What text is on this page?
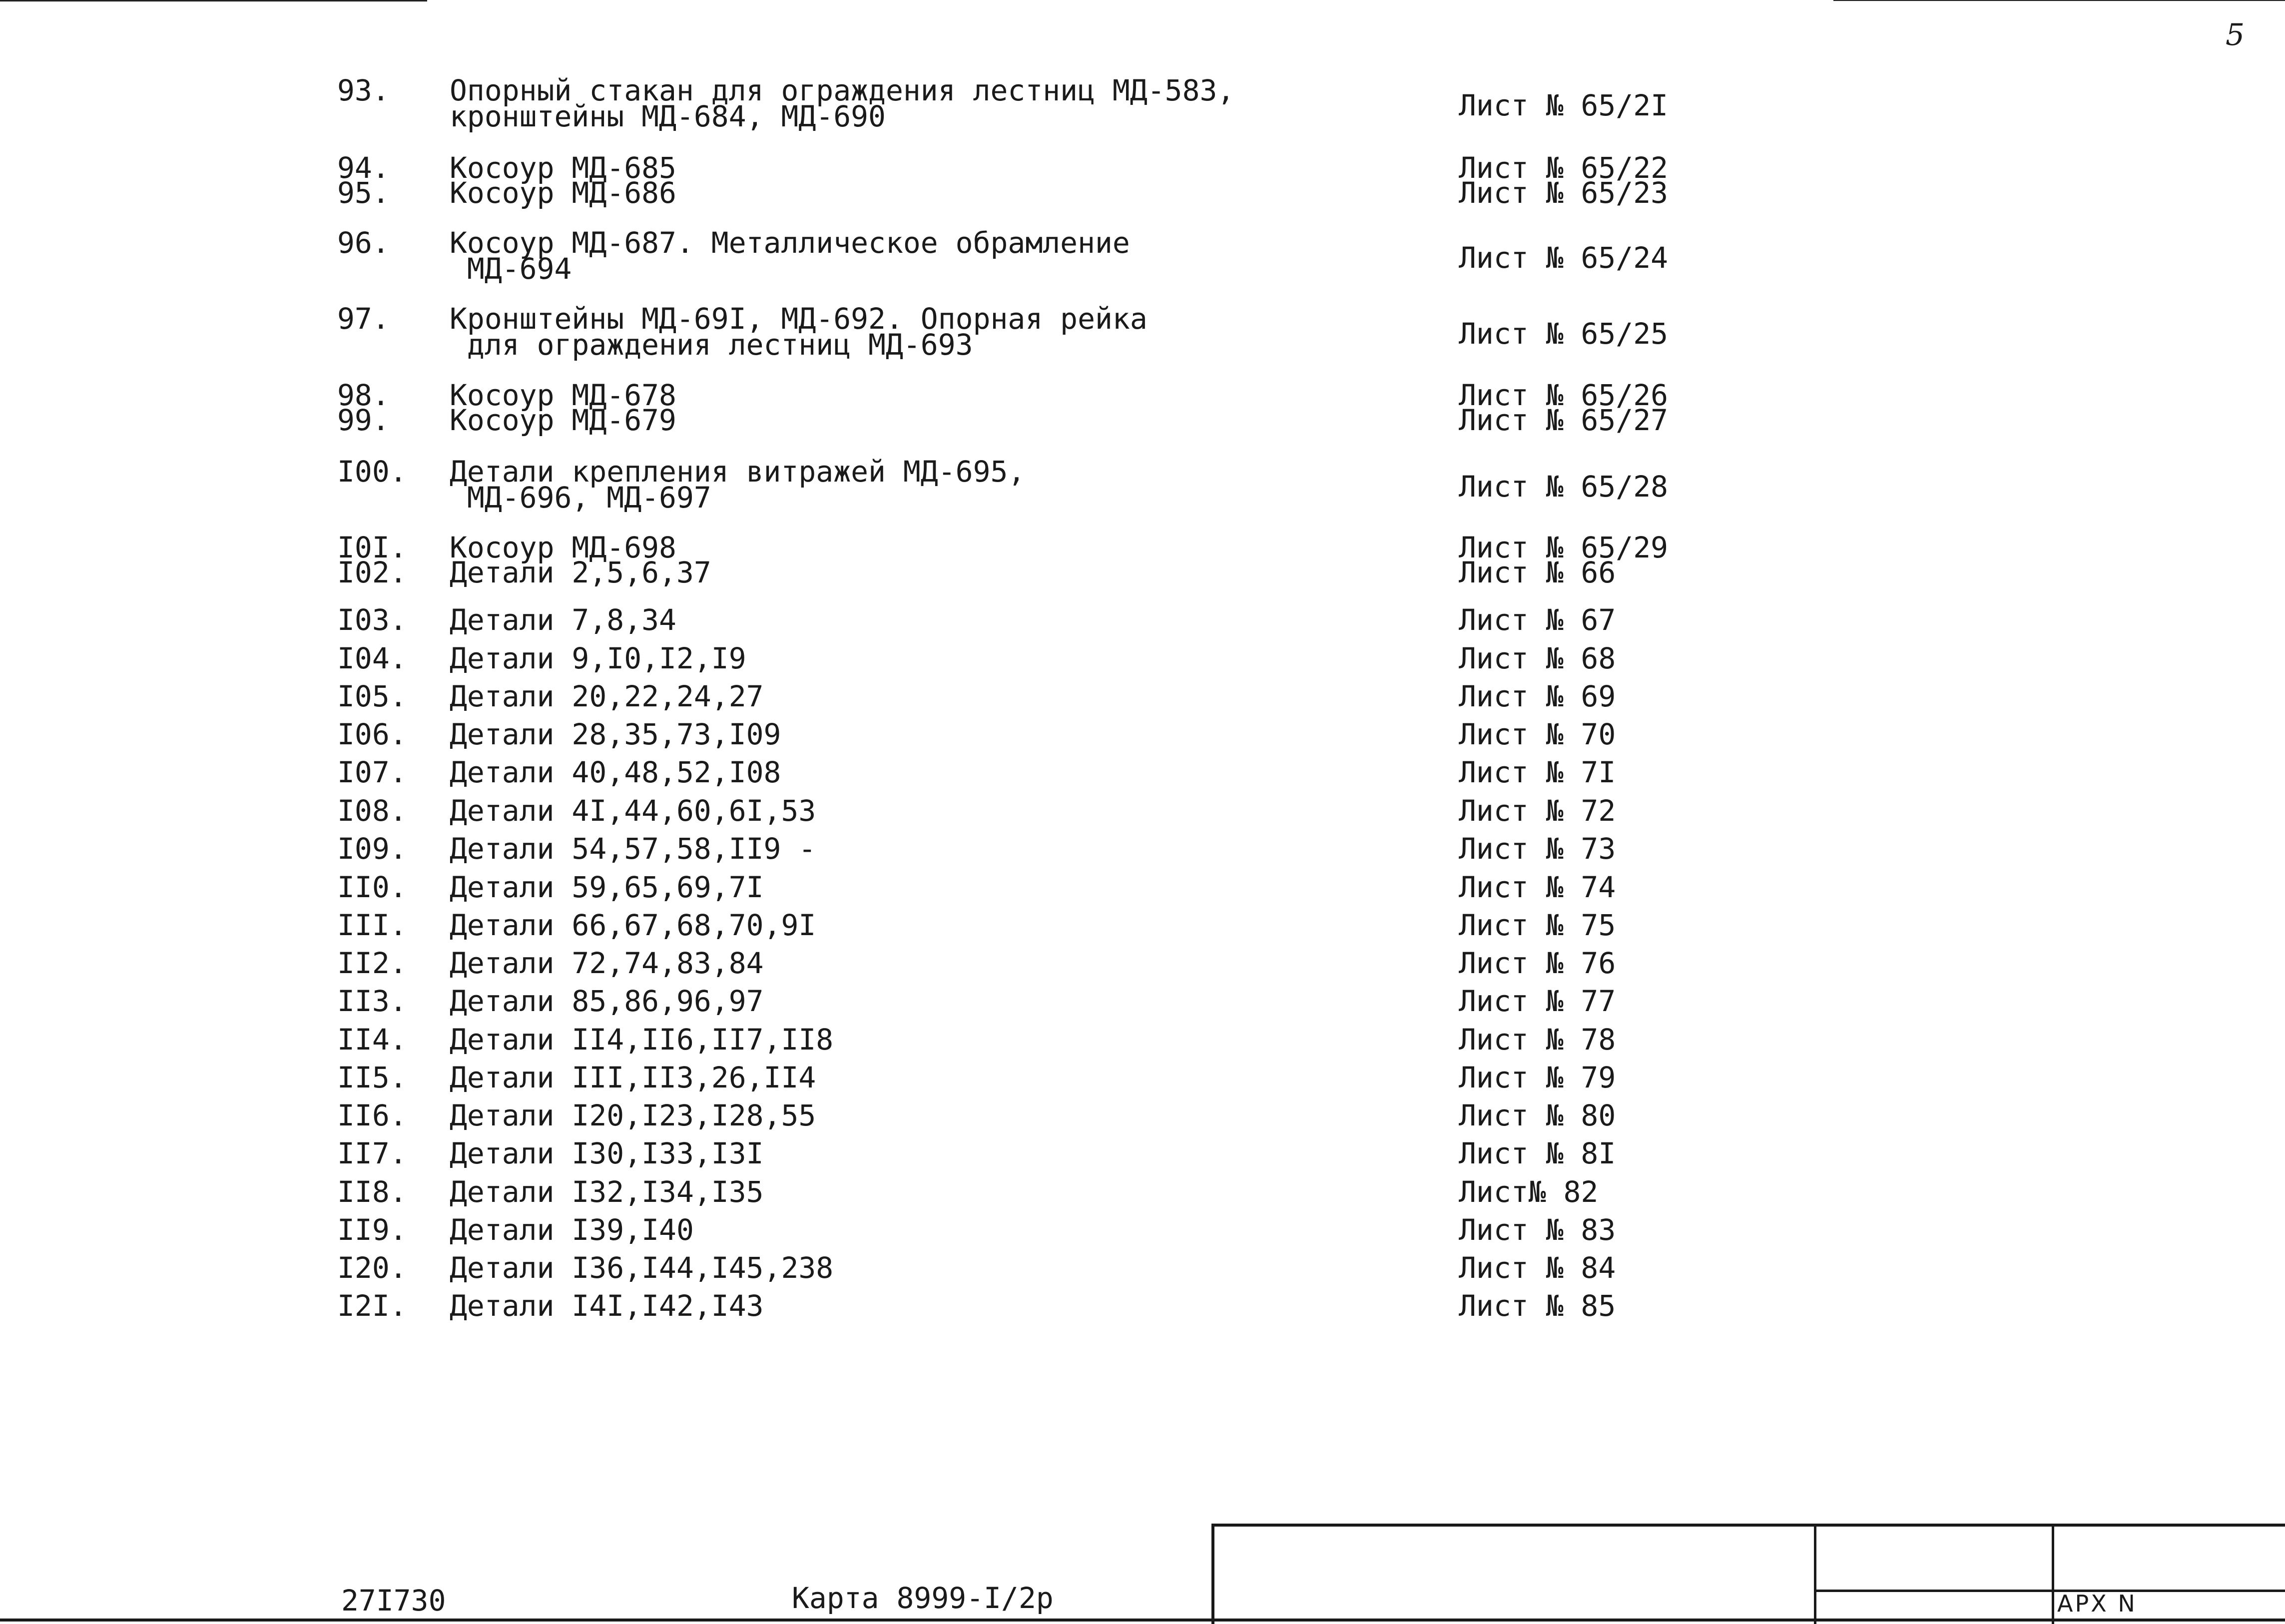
5
93. Опорный стакан для ограждения лестниц МД-583,
кронштейны МД-684, МД-690	Лист № 65/2I
94. Косоур МД-685	Лист № 65/22
95. Косоур МД-686	Лист № 65/23
96. Косоур МД-687. Металлическое обрамление
МД-694	Лист № 65/24
97. Кронштейны МД-69I, МД-692. Опорная рейка
для ограждения лестниц МД-693	Лист № 65/25
98. Косоур МД-678	Лист № 65/26
99. Косоур МД-679	Лист № 65/27
I00. Детали крепления витражей МД-695,
МД-696, МД-697	Лист № 65/28
I0I. Косоур МД-698	Лист № 65/29
I02. Детали 2,5,6,37	Лист № 66
I03. Детали 7,8,34	Лист № 67
I04. Детали 9,I0,I2,I9	Лист № 68
I05. Детали 20,22,24,27	Лист № 69
I06. Детали 28,35,73,I09	Лист № 70
I07. Детали 40,48,52,I08	Лист № 7I
I08. Детали 4I,44,60,6I,53	Лист № 72
I09. Детали 54,57,58,II9 -	Лист № 73
II0. Детали 59,65,69,7I	Лист № 74
III. Детали 66,67,68,70,9I	Лист № 75
II2. Детали 72,74,83,84	Лист № 76
II3. Детали 85,86,96,97	Лист № 77
II4. Детали II4,II6,II7,II8	Лист № 78
II5. Детали III,II3,26,II4	Лист № 79
II6. Детали I20,I23,I28,55	Лист № 80
II7. Детали I30,I33,I3I	Лист № 8I
II8. Детали I32,I34,I35	Лист№ 82
II9. Детали I39,I40	Лист № 83
I20. Детали I36,I44,I45,238	Лист № 84
I2I. Детали I4I,I42,I43	Лист № 85
27I730	Карта 8999-I/2р	АРХ N
